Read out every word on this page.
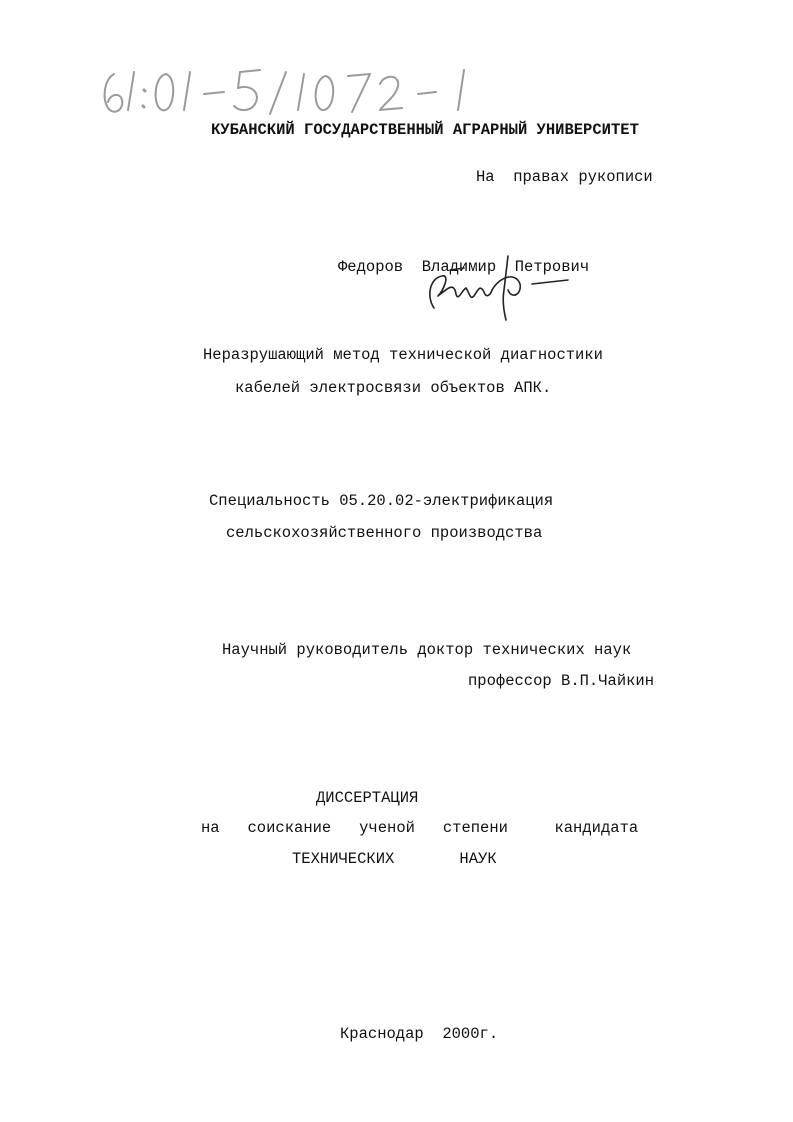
КУБАНСКИЙ ГОСУДАРСТВЕННЫЙ АГРАРНЫЙ УНИВЕРСИТЕТ
На  правах рукописи
Федоров  Владимир  Петрович
Неразрушающий метод технической диагностики
кабелей электросвязи объектов АПК.
Специальность 05.20.02-электрификация
сельскохозяйственного производства
Научный руководитель доктор технических наук
профессор В.П.Чайкин
ДИССЕРТАЦИЯ
на   соискание   ученой   степени     кандидата
ТЕХНИЧЕСКИХ       НАУК
Краснодар  2000г.
